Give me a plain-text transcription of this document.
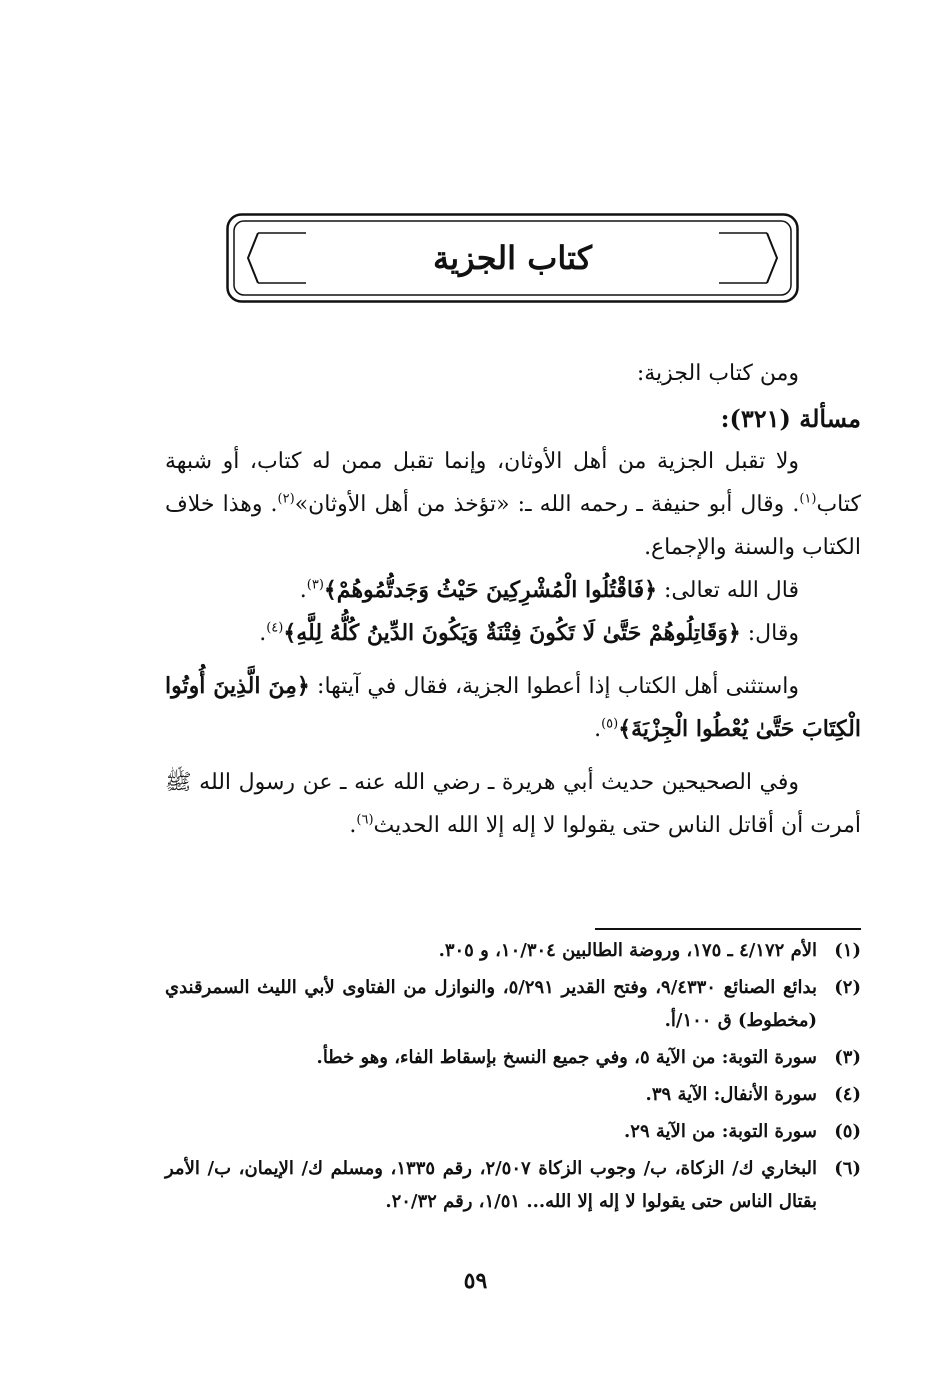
كتاب الجزية

ومن كتاب الجزية:

مسألة (٣٢١):

ولا تقبل الجزية من أهل الأوثان، وإنما تقبل ممن له كتاب، أو شبهة كتاب$^{(١)}$. وقال أبو حنيفة ـ رحمه الله ـ: «تؤخذ من أهل الأوثان»$^{(٢)}$. وهذا خلاف الكتاب والسنة والإجماع.

قال الله تعالى: ﴿فَاقْتُلُوا الْمُشْرِكِينَ حَيْثُ وَجَدتُّمُوهُمْ﴾$^{(٣)}$.

وقال: ﴿وَقَاتِلُوهُمْ حَتَّىٰ لَا تَكُونَ فِتْنَةٌ وَيَكُونَ الدِّينُ كُلُّهُ لِلَّهِ﴾$^{(٤)}$.

واستثنى أهل الكتاب إذا أعطوا الجزية، فقال في آيتها: ﴿مِنَ الَّذِينَ أُوتُوا الْكِتَابَ حَتَّىٰ يُعْطُوا الْجِزْيَةَ﴾$^{(٥)}$.

وفي الصحيحين حديث أبي هريرة ـ رضي الله عنه ـ عن رسول الله ﷺ أمرت أن أقاتل الناس حتى يقولوا لا إله إلا الله الحديث$^{(٦)}$.

(١)
الأم ٤/١٧٢ ـ ١٧٥، وروضة الطالبين ١٠/٣٠٤، و ٣٠٥.
(٢)
بدائع الصنائع ٩/٤٣٣٠، وفتح القدير ٥/٢٩١، والنوازل من الفتاوى لأبي الليث السمرقندي (مخطوط) ق ١٠٠/أ.
(٣)
سورة التوبة: من الآية ٥، وفي جميع النسخ بإسقاط الفاء، وهو خطأ.
(٤)
سورة الأنفال: الآية ٣٩.
(٥)
سورة التوبة: من الآية ٢٩.
(٦)
البخاري ك/ الزكاة، ب/ وجوب الزكاة ٢/٥٠٧، رقم ١٣٣٥، ومسلم ك/ الإيمان، ب/ الأمر بقتال الناس حتى يقولوا لا إله إلا الله... ١/٥١، رقم ٢٠/٣٢.
٥٩
